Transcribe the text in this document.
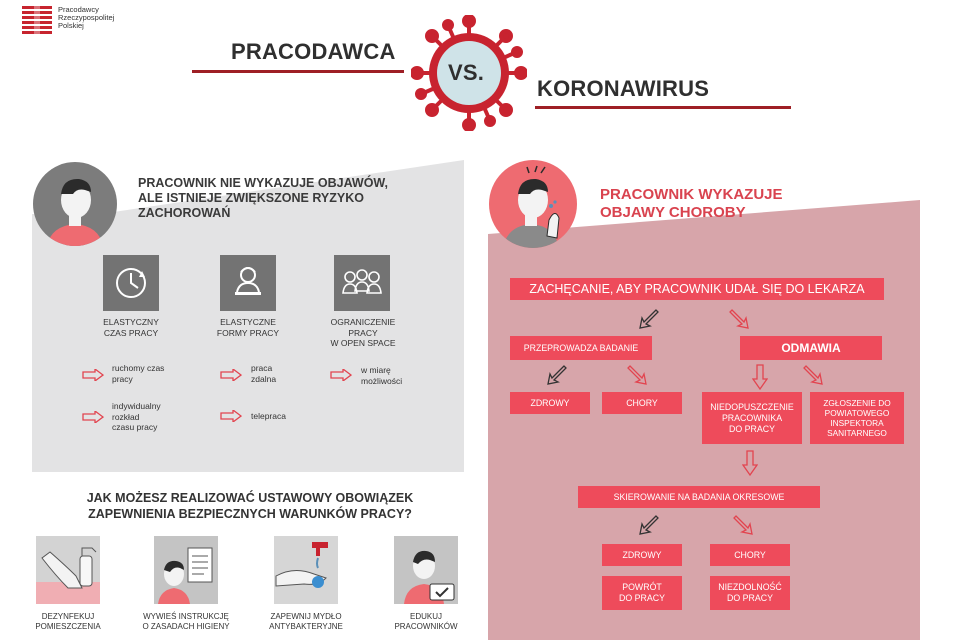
Pracodawcy
Rzeczypospolitej
Polskiej
PRACODAWCA
VS.
KORONAWIRUS
PRACOWNIK NIE WYKAZUJE OBJAWÓW,
ALE ISTNIEJE ZWIĘKSZONE RYZYKO
ZACHOROWAŃ
ELASTYCZNY
CZAS PRACY
ELASTYCZNE
FORMY PRACY
OGRANICZENIE
PRACY
W OPEN SPACE
ruchomy czas
pracy
indywidualny
rozkład
czasu pracy
praca
zdalna
telepraca
w miarę
możliwości
PRACOWNIK WYKAZUJE
OBJAWY CHOROBY
ZACHĘCANIE, ABY PRACOWNIK UDAŁ SIĘ DO LEKARZA
PRZEPROWADZA BADANIE	ODMAWIA
ZDROWY	CHORY	NIEDOPUSZCZENIE
PRACOWNIKA
DO PRACY
ZGŁOSZENIE DO
POWIATOWEGO
INSPEKTORA
SANITARNEGO
SKIEROWANIE NA BADANIA OKRESOWE
ZDROWY	CHORY
POWRÓT
DO PRACY
NIEZDOLNOŚĆ
DO PRACY
JAK MOŻESZ REALIZOWAĆ USTAWOWY OBOWIĄZEK
ZAPEWNIENIA BEZPIECZNYCH WARUNKÓW PRACY?
DEZYNFEKUJ
POMIESZCZENIA
WYWIEŚ INSTRUKCJĘ
O ZASADACH HIGIENY
ZAPEWNIJ MYDŁO
ANTYBAKTERYJNE
EDUKUJ
PRACOWNIKÓW
